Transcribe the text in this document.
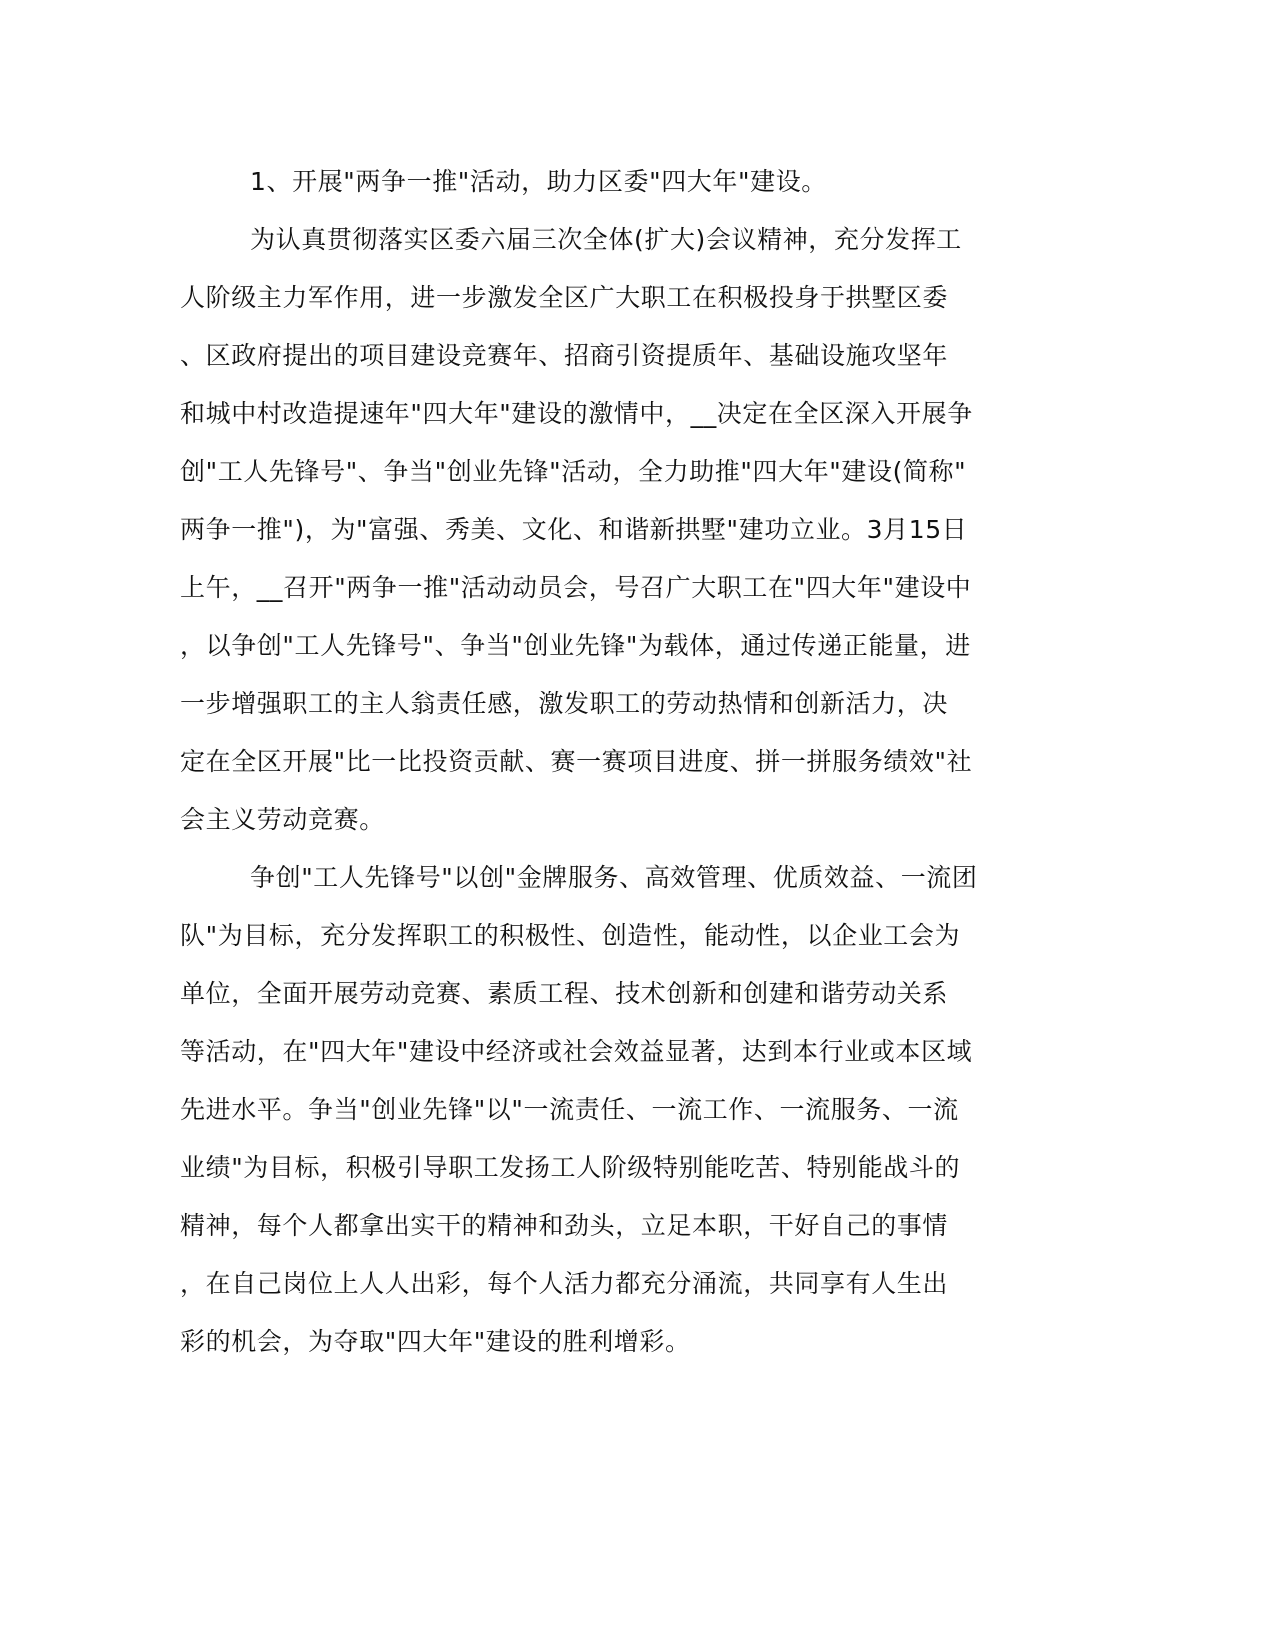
1、开展"两争一推"活动，助力区委"四大年"建设。
为认真贯彻落实区委六届三次全体(扩大)会议精神，充分发挥工
人阶级主力军作用，进一步激发全区广大职工在积极投身于拱墅区委
、区政府提出的项目建设竞赛年、招商引资提质年、基础设施攻坚年
和城中村改造提速年"四大年"建设的激情中，__决定在全区深入开展争
创"工人先锋号"、争当"创业先锋"活动，全力助推"四大年"建设(简称"
两争一推")，为"富强、秀美、文化、和谐新拱墅"建功立业。3月15日
上午，__召开"两争一推"活动动员会，号召广大职工在"四大年"建设中
，以争创"工人先锋号"、争当"创业先锋"为载体，通过传递正能量，进
一步增强职工的主人翁责任感，激发职工的劳动热情和创新活力，决
定在全区开展"比一比投资贡献、赛一赛项目进度、拼一拼服务绩效"社
会主义劳动竞赛。
争创"工人先锋号"以创"金牌服务、高效管理、优质效益、一流团
队"为目标，充分发挥职工的积极性、创造性，能动性，以企业工会为
单位，全面开展劳动竞赛、素质工程、技术创新和创建和谐劳动关系
等活动，在"四大年"建设中经济或社会效益显著，达到本行业或本区域
先进水平。争当"创业先锋"以"一流责任、一流工作、一流服务、一流
业绩"为目标，积极引导职工发扬工人阶级特别能吃苦、特别能战斗的
精神，每个人都拿出实干的精神和劲头，立足本职，干好自己的事情
，在自己岗位上人人出彩，每个人活力都充分涌流，共同享有人生出
彩的机会，为夺取"四大年"建设的胜利增彩。
